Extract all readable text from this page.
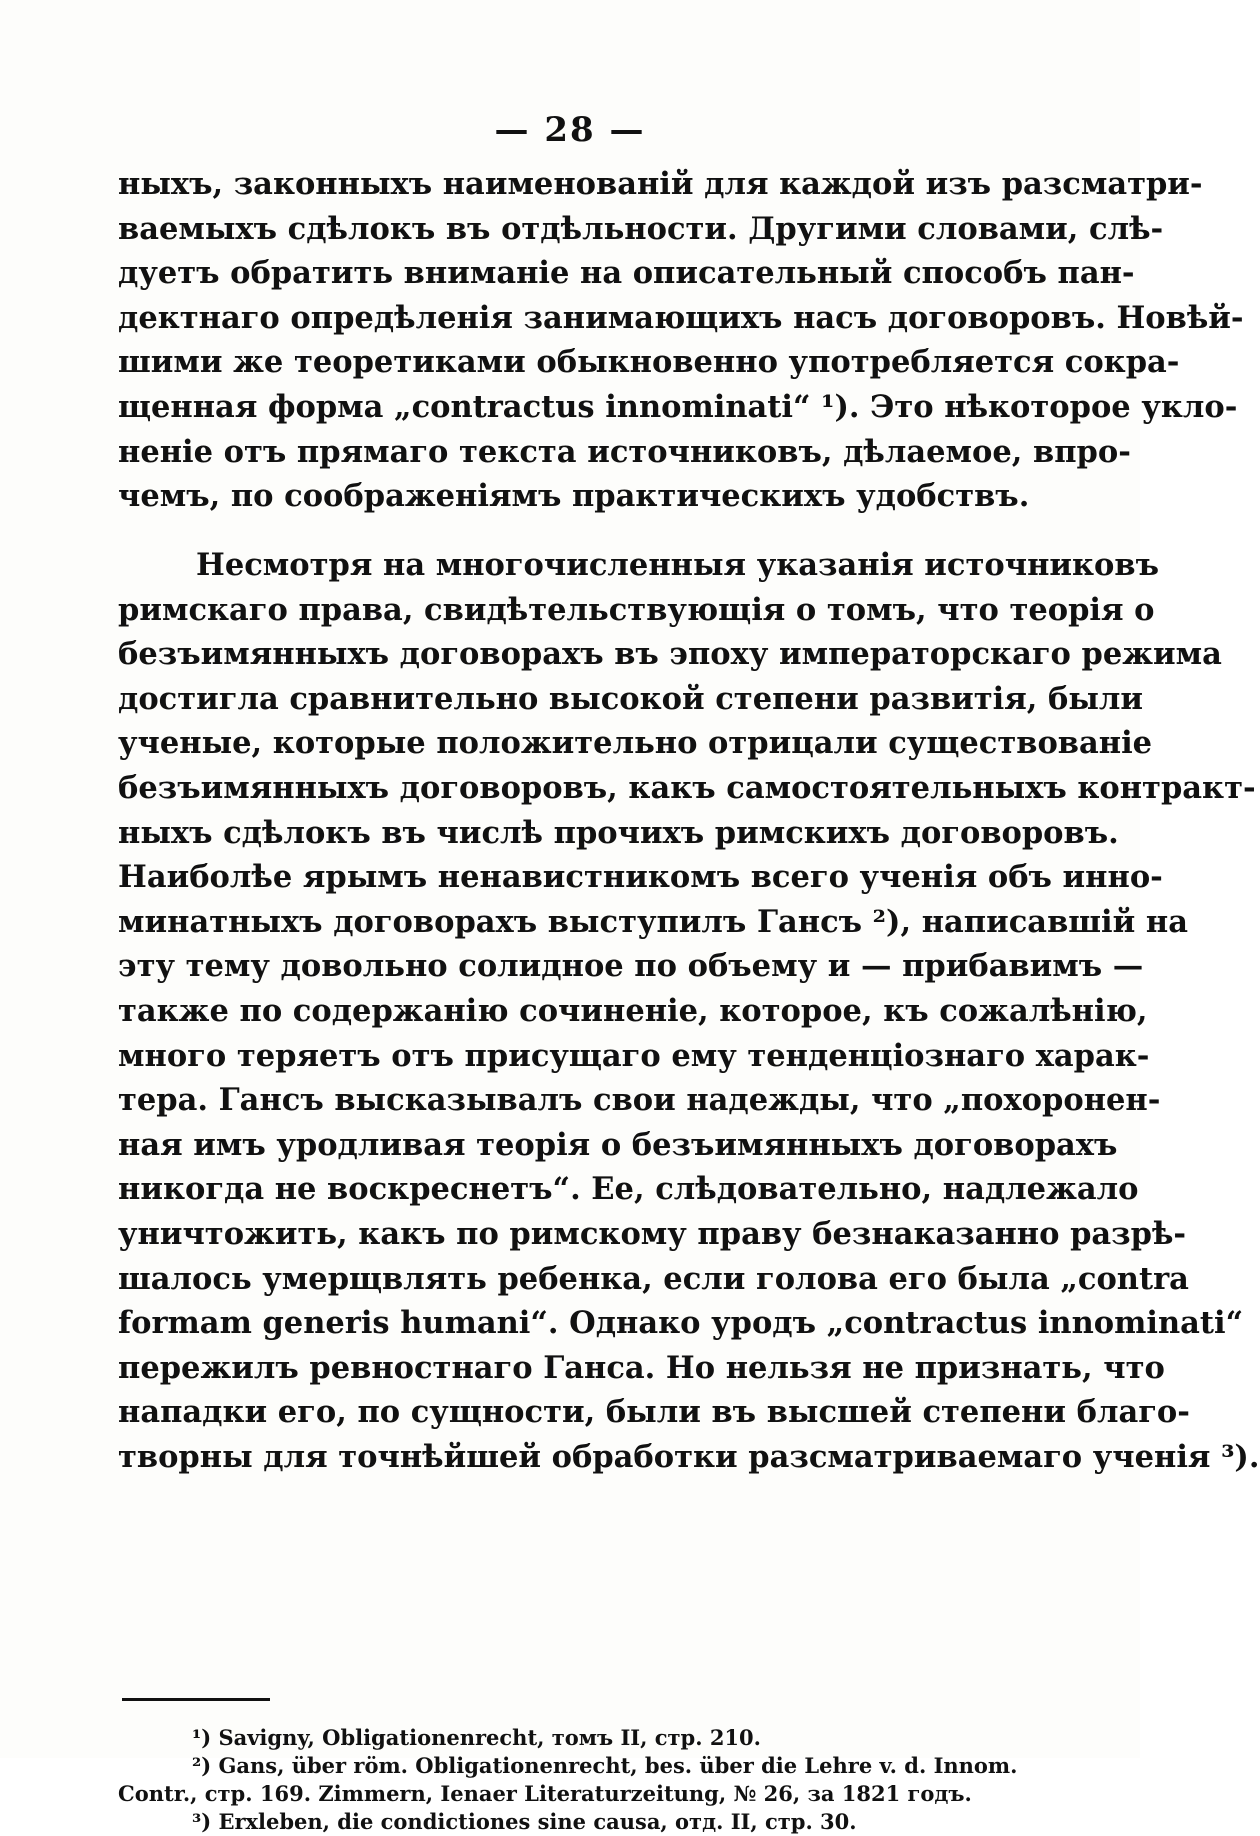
— 28 —
ныхъ, законныхъ наименованій для каждой изъ разсматри-
ваемыхъ сдѣлокъ въ отдѣльности. Другими словами, слѣ-
дуетъ обратить вниманіе на описательный способъ пан-
дектнаго опредѣленія занимающихъ насъ договоровъ. Новѣй-
шими же теоретиками обыкновенно употребляется сокра-
щенная форма „contractus innominati“ ¹). Это нѣкоторое укло-
неніе отъ прямаго текста источниковъ, дѣлаемое, впро-
чемъ, по соображеніямъ практическихъ удобствъ.
Несмотря на многочисленныя указанія источниковъ
римскаго права, свидѣтельствующія о томъ, что теорія о
безъимянныхъ договорахъ въ эпоху императорскаго режима
достигла сравнительно высокой степени развитія, были
ученые, которые положительно отрицали существованіе
безъимянныхъ договоровъ, какъ самостоятельныхъ контракт-
ныхъ сдѣлокъ въ числѣ прочихъ римскихъ договоровъ.
Наиболѣе ярымъ ненавистникомъ всего ученія объ инно-
минатныхъ договорахъ выступилъ Гансъ ²), написавшій на
эту тему довольно солидное по объему и — прибавимъ —
также по содержанію сочиненіе, которое, къ сожалѣнію,
много теряетъ отъ присущаго ему тенденціознаго харак-
тера. Гансъ высказывалъ свои надежды, что „похоронен-
ная имъ уродливая теорія о безъимянныхъ договорахъ
никогда не воскреснетъ“. Ее, слѣдовательно, надлежало
уничтожить, какъ по римскому праву безнаказанно разрѣ-
шалось умерщвлять ребенка, если голова его была „contra
formam generis humani“. Однако уродъ „contractus innominati“
пережилъ ревностнаго Ганса. Но нельзя не признать, что
нападки его, по сущности, были въ высшей степени благо-
творны для точнѣйшей обработки разсматриваемаго ученія ³).
¹) Savigny, Obligationenrecht, томъ II, стр. 210.
²) Gans, über röm. Obligationenrecht, bes. über die Lehre v. d. Innom.
Contr., стр. 169. Zimmern, Ienaer Literaturzeitung, № 26, за 1821 годъ.
³) Erxleben, die condictiones sine causa, отд. II, стр. 30.
